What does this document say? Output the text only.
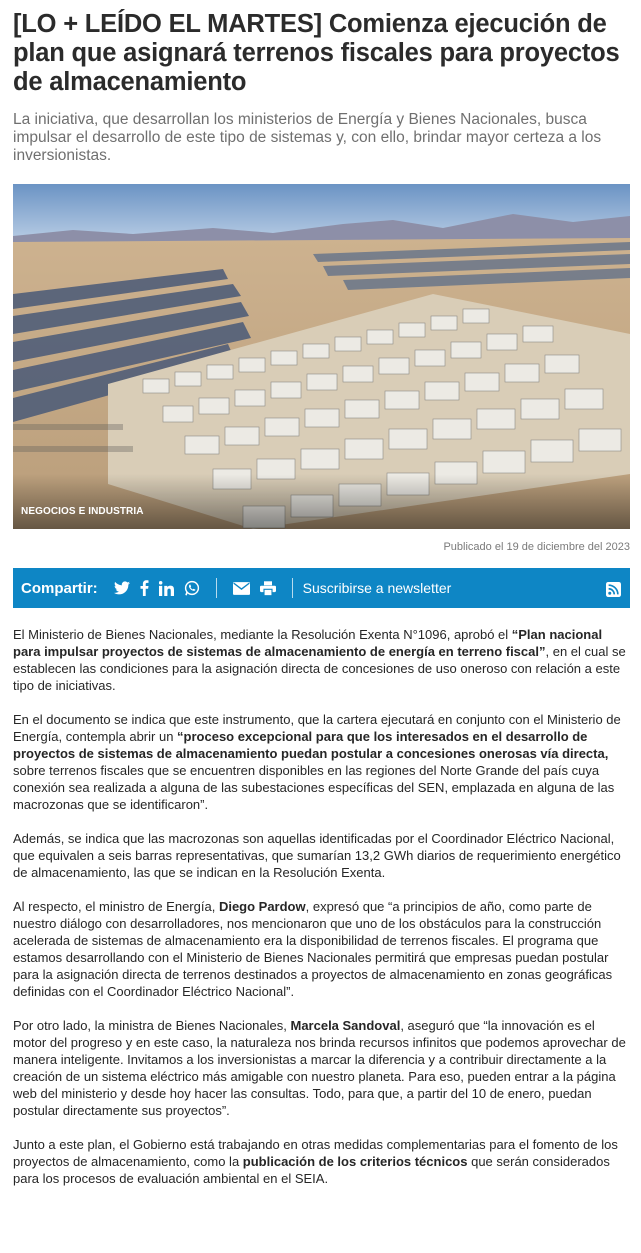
[LO + LEÍDO EL MARTES] Comienza ejecución de plan que asignará terrenos fiscales para proyectos de almacenamiento

La iniciativa, que desarrollan los ministerios de Energía y Bienes Nacionales, busca impulsar el desarrollo de este tipo de sistemas y, con ello, brindar mayor certeza a los inversionistas.

NEGOCIOS E INDUSTRIA
Publicado el 19 de diciembre del 2023
Compartir:	Suscribirse a newsletter

El Ministerio de Bienes Nacionales, mediante la Resolución Exenta N°1096, aprobó el “Plan nacional para impulsar proyectos de sistemas de almacenamiento de energía en terreno fiscal”, en el cual se establecen las condiciones para la asignación directa de concesiones de uso oneroso con relación a este tipo de iniciativas.

En el documento se indica que este instrumento, que la cartera ejecutará en conjunto con el Ministerio de Energía, contempla abrir un “proceso excepcional para que los interesados en el desarrollo de proyectos de sistemas de almacenamiento puedan postular a concesiones onerosas vía directa, sobre terrenos fiscales que se encuentren disponibles en las regiones del Norte Grande del país cuya conexión sea realizada a alguna de las subestaciones específicas del SEN, emplazada en alguna de las macrozonas que se identificaron”.

Además, se indica que las macrozonas son aquellas identificadas por el Coordinador Eléctrico Nacional, que equivalen a seis barras representativas, que sumarían 13,2 GWh diarios de requerimiento energético de almacenamiento, las que se indican en la Resolución Exenta.

Al respecto, el ministro de Energía, Diego Pardow, expresó que “a principios de año, como parte de nuestro diálogo con desarrolladores, nos mencionaron que uno de los obstáculos para la construcción acelerada de sistemas de almacenamiento era la disponibilidad de terrenos fiscales. El programa que estamos desarrollando con el Ministerio de Bienes Nacionales permitirá que empresas puedan postular para la asignación directa de terrenos destinados a proyectos de almacenamiento en zonas geográficas definidas con el Coordinador Eléctrico Nacional”.

Por otro lado, la ministra de Bienes Nacionales, Marcela Sandoval, aseguró que “la innovación es el motor del progreso y en este caso, la naturaleza nos brinda recursos infinitos que podemos aprovechar de manera inteligente. Invitamos a los inversionistas a marcar la diferencia y a contribuir directamente a la creación de un sistema eléctrico más amigable con nuestro planeta. Para eso, pueden entrar a la página web del ministerio y desde hoy hacer las consultas. Todo, para que, a partir del 10 de enero, puedan postular directamente sus proyectos”.

Junto a este plan, el Gobierno está trabajando en otras medidas complementarias para el fomento de los proyectos de almacenamiento, como la publicación de los criterios técnicos que serán considerados para los procesos de evaluación ambiental en el SEIA.
